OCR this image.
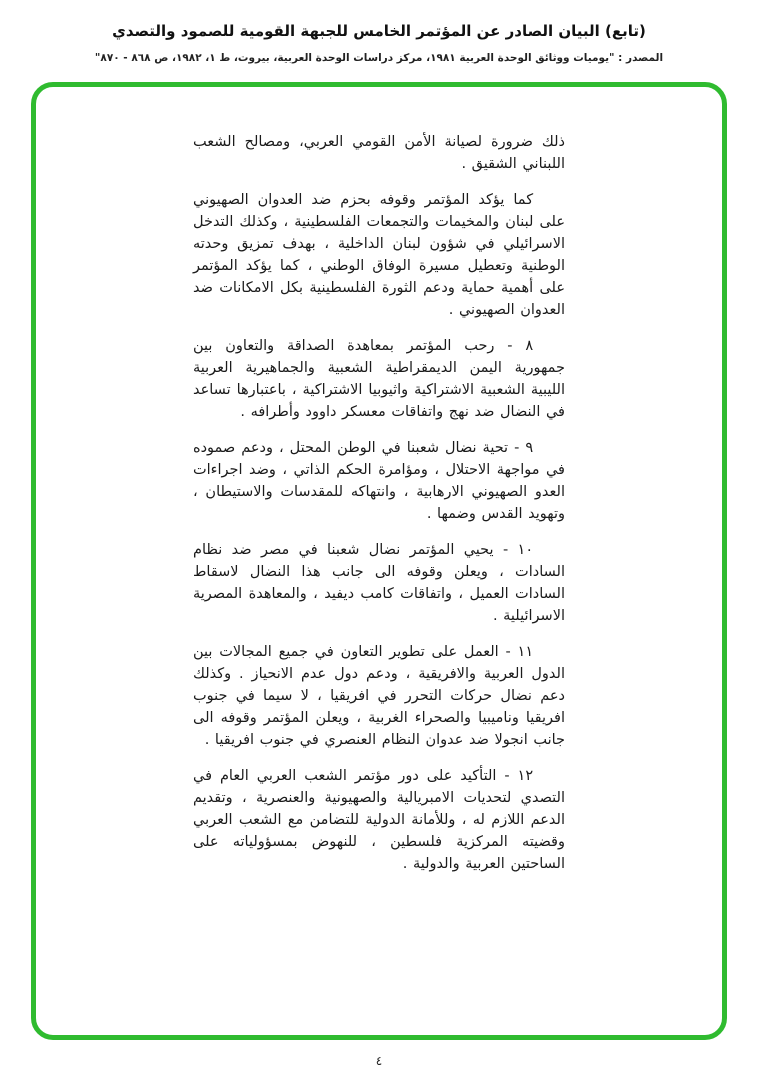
(تابع) البيان الصادر عن المؤتمر الخامس للجبهة القومية للصمود والتصدي
المصدر : "يوميات ووثائق الوحدة العربية ١٩٨١، مركز دراسات الوحدة العربية، بيروت، ط ١، ١٩٨٢، ص ٨٦٨ - ٨٧٠"

ذلك ضرورة لصيانة الأمن القومي العربي، ومصالح الشعب اللبناني الشقيق .

كما يؤكد المؤتمر وقوفه بحزم ضد العدوان الصهيوني على لبنان والمخيمات والتجمعات الفلسطينية ، وكذلك التدخل الاسرائيلي في شؤون لبنان الداخلية ، بهدف تمزيق وحدته الوطنية وتعطيل مسيرة الوفاق الوطني ، كما يؤكد المؤتمر على أهمية حماية ودعم الثورة الفلسطينية بكل الامكانات ضد العدوان الصهيوني .

٨ - رحب المؤتمر بمعاهدة الصداقة والتعاون بين جمهورية اليمن الديمقراطية الشعبية والجماهيرية العربية الليبية الشعبية الاشتراكية واثيوبيا الاشتراكية ، باعتبارها تساعد في النضال ضد نهج واتفاقات معسكر داوود وأطرافه .

٩ - تحية نضال شعبنا في الوطن المحتل ، ودعم صموده في مواجهة الاحتلال ، ومؤامرة الحكم الذاتي ، وضد اجراءات العدو الصهيوني الارهابية ، وانتهاكه للمقدسات والاستيطان ، وتهويد القدس وضمها .

١٠ - يحيي المؤتمر نضال شعبنا في مصر ضد نظام السادات ، ويعلن وقوفه الى جانب هذا النضال لاسقاط السادات العميل ، واتفاقات كامب ديفيد ، والمعاهدة المصرية الاسرائيلية .

١١ - العمل على تطوير التعاون في جميع المجالات بين الدول العربية والافريقية ، ودعم دول عدم الانحياز . وكذلك دعم نضال حركات التحرر في افريقيا ، لا سيما في جنوب افريقيا وناميبيا والصحراء الغربية ، ويعلن المؤتمر وقوفه الى جانب انجولا ضد عدوان النظام العنصري في جنوب افريقيا .

١٢ - التأكيد على دور مؤتمر الشعب العربي العام في التصدي لتحديات الامبريالية والصهيونية والعنصرية ، وتقديم الدعم اللازم له ، وللأمانة الدولية للتضامن مع الشعب العربي وقضيته المركزية فلسطين ، للنهوض بمسؤولياته على الساحتين العربية والدولية .

٤
